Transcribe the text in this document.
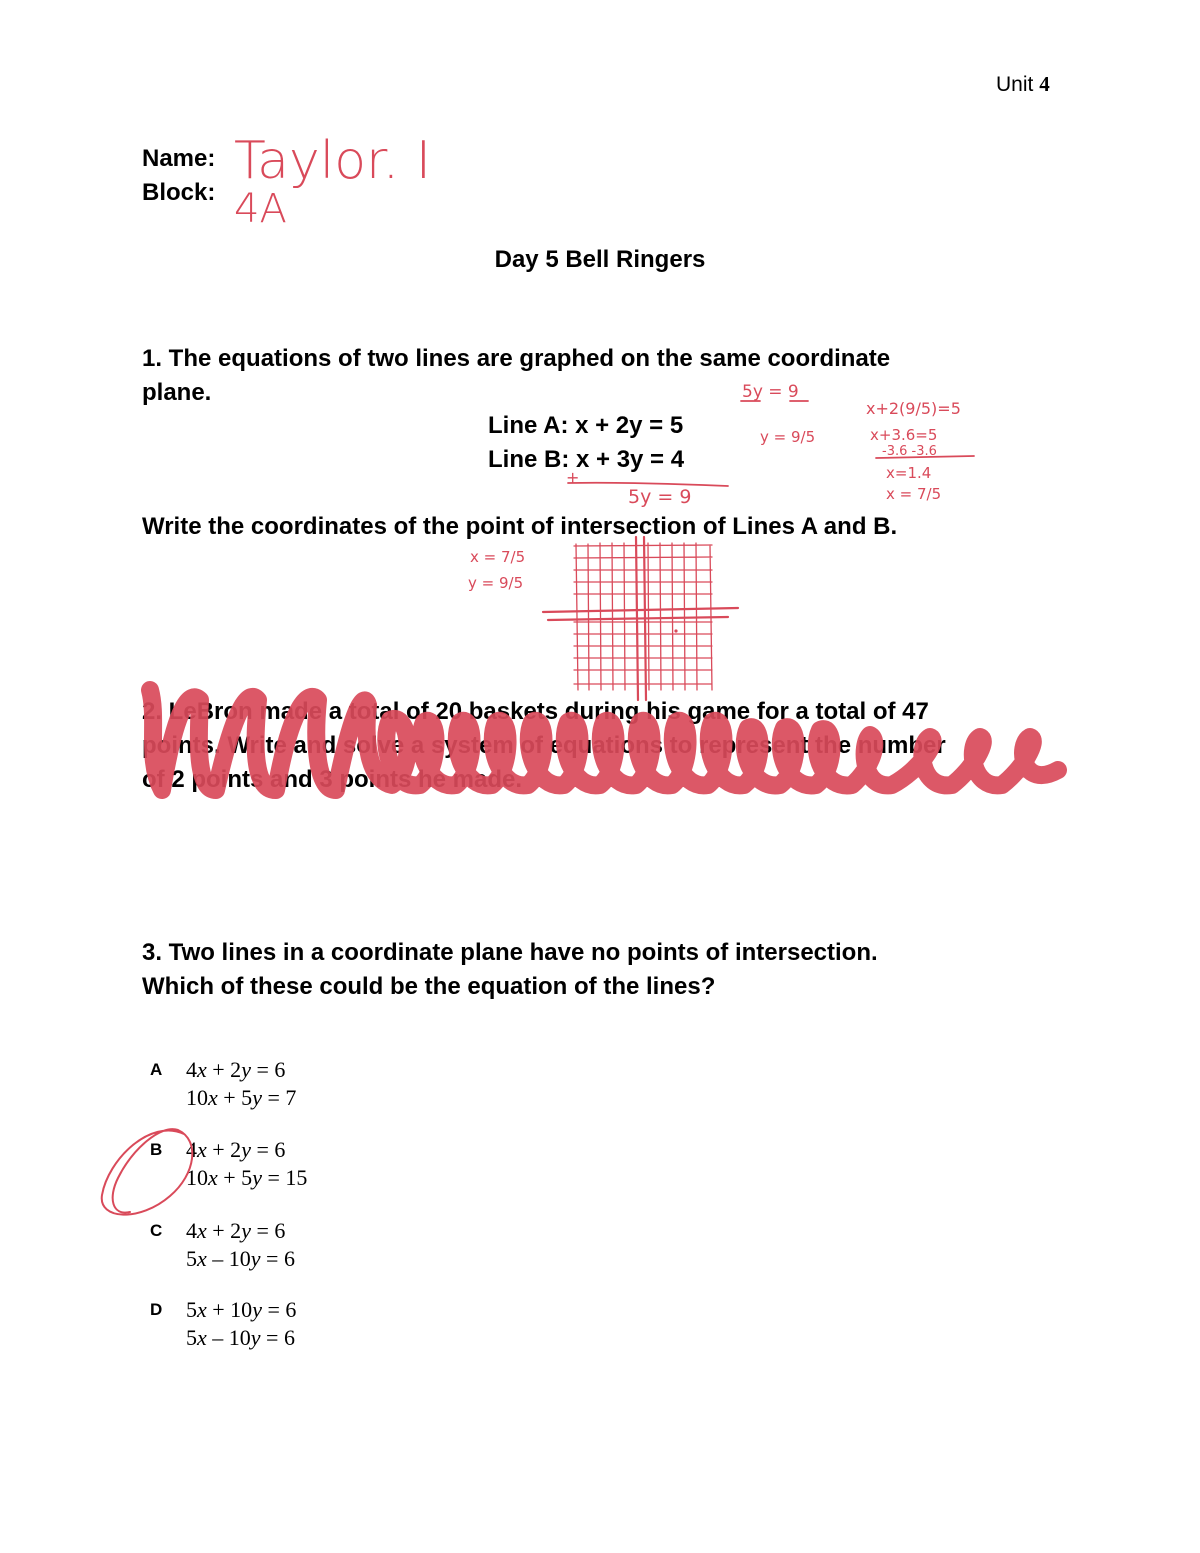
Unit 4
Name:
Block:
Day 5 Bell Ringers
1. The equations of two lines are graphed on the same coordinate
plane.
Line A: x + 2y = 5
Line B: x + 3y = 4
Write the coordinates of the point of intersection of Lines A and B.
2. LeBron made a total of 20 baskets during his game for a total of 47
points. Write and solve a system of equations to represent the number
of 2 points and 3 points he made.
3. Two lines in a coordinate plane have no points of intersection.
Which of these could be the equation of the lines?
A 4x + 2y = 6
10x + 5y = 7
B 4x + 2y = 6
10x + 5y = 15
C 4x + 2y = 6
5x – 10y = 6
D 5x + 10y = 6
5x – 10y = 6
Taylor. I
4A
+
5y = 9
5y = 9
y = 9/5
x+2(9/5)=5
x+3.6=5
-3.6 -3.6
x=1.4
x = 7/5
x = 7/5
y = 9/5
